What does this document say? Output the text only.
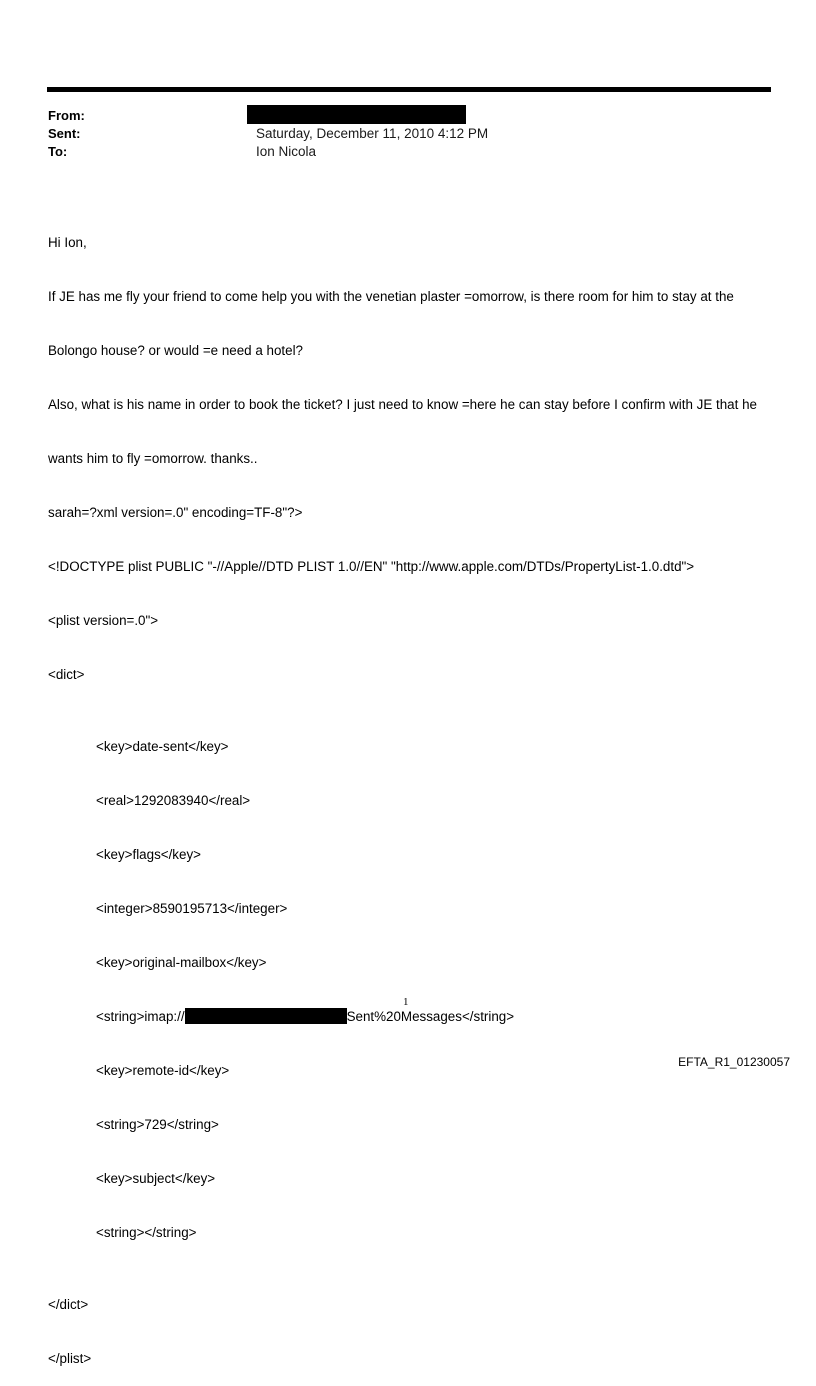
From:
Sent:	Saturday, December 11, 2010 4:12 PM
To:	Ion Nicola

Hi Ion,

If JE has me fly your friend to come help you with the venetian plaster =omorrow, is there room for him to stay at the

Bolongo house? or would =e need a hotel?

Also, what is his name in order to book the ticket? I just need to know =here he can stay before I confirm with JE that he

wants him to fly =omorrow. thanks..

sarah=?xml version=.0" encoding=TF-8"?>

<!DOCTYPE plist PUBLIC "-//Apple//DTD PLIST 1.0//EN" "http://www.apple.com/DTDs/PropertyList-1.0.dtd">

<plist version=.0">

<dict>

<key>date-sent</key>

<real>1292083940</real>

<key>flags</key>

<integer>8590195713</integer>

<key>original-mailbox</key>

<string>imap://	Sent%20Messages</string>

<key>remote-id</key>

<string>729</string>

<key>subject</key>

<string></string>

</dict>

</plist>

1
EFTA_R1_01230057
